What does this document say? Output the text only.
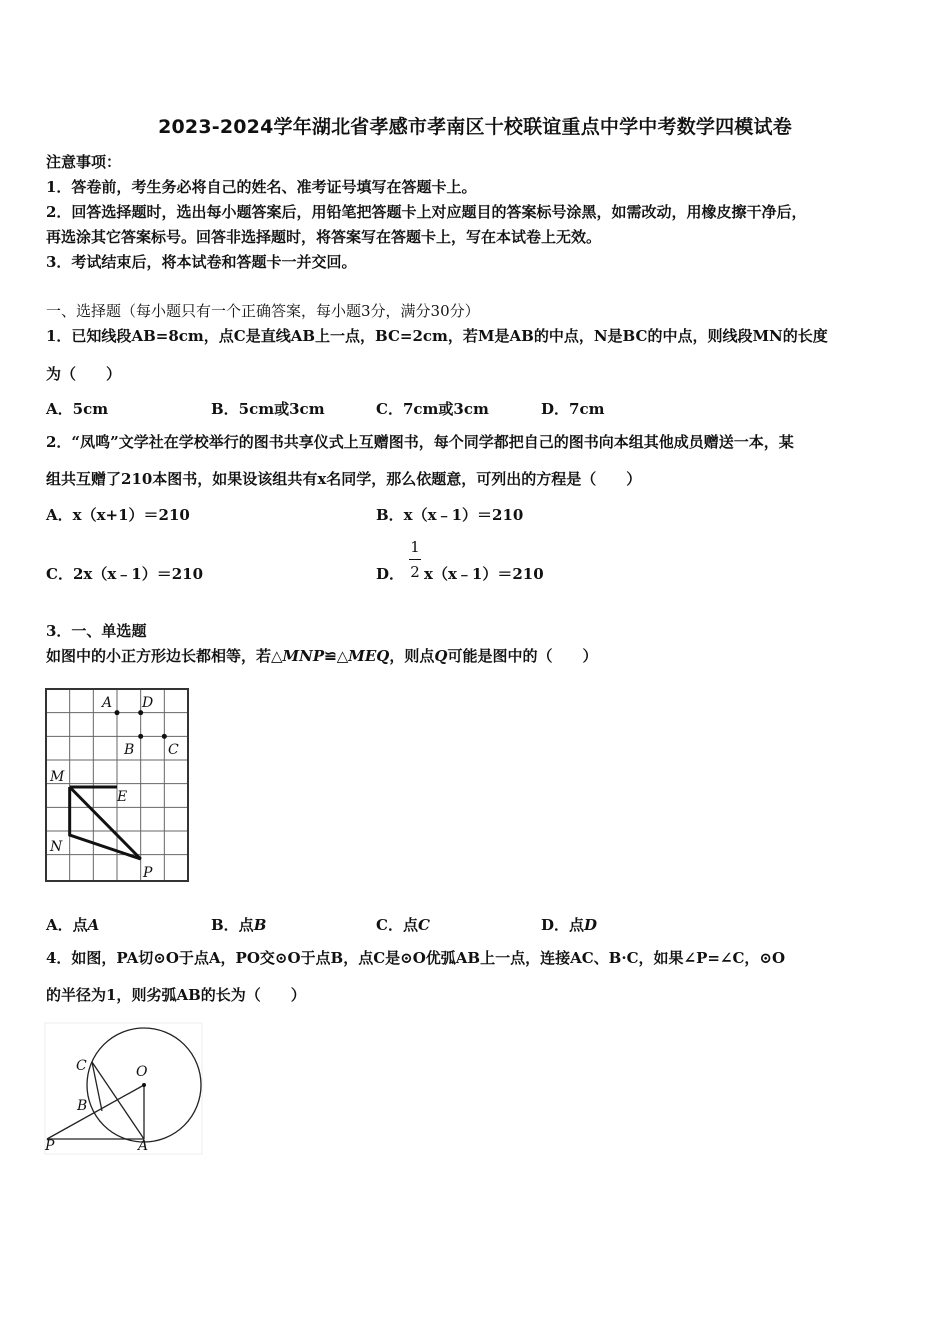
2023-2024学年湖北省孝感市孝南区十校联谊重点中学中考数学四模试卷
注意事项：
1．答卷前，考生务必将自己的姓名、准考证号填写在答题卡上。
2．回答选择题时，选出每小题答案后，用铅笔把答题卡上对应题目的答案标号涂黑，如需改动，用橡皮擦干净后，
再选涂其它答案标号。回答非选择题时，将答案写在答题卡上，写在本试卷上无效。
3．考试结束后，将本试卷和答题卡一并交回。
一、选择题（每小题只有一个正确答案，每小题3分，满分30分）
1．已知线段AB=8cm，点C是直线AB上一点，BC=2cm，若M是AB的中点，N是BC的中点，则线段MN的长度
为（　　）
A．5cm	B．5cm或3cm	C．7cm或3cm	D．7cm
2．“凤鸣”文学社在学校举行的图书共享仪式上互赠图书，每个同学都把自己的图书向本组其他成员赠送一本，某
组共互赠了210本图书，如果设该组共有x名同学，那么依题意，可列出的方程是（　　）
A．x（x+1）＝210	B．x（x﹣1）＝210
C．2x（x﹣1）＝210	D．
1
2 x（x﹣1）＝210
3．一、单选题
如图中的小正方形边长都相等，若△MNP≌△MEQ，则点Q可能是图中的（　　）
A D
B C
M
E
N
P
A．点A	B．点B	C．点C	D．点D
4．如图，PA切⊙O于点A，PO交⊙O于点B，点C是⊙O优弧AB上一点，连接AC、B·C，如果∠P=∠C，⊙O
的半径为1，则劣弧AB的长为（　　）
C	O
B
P	A
